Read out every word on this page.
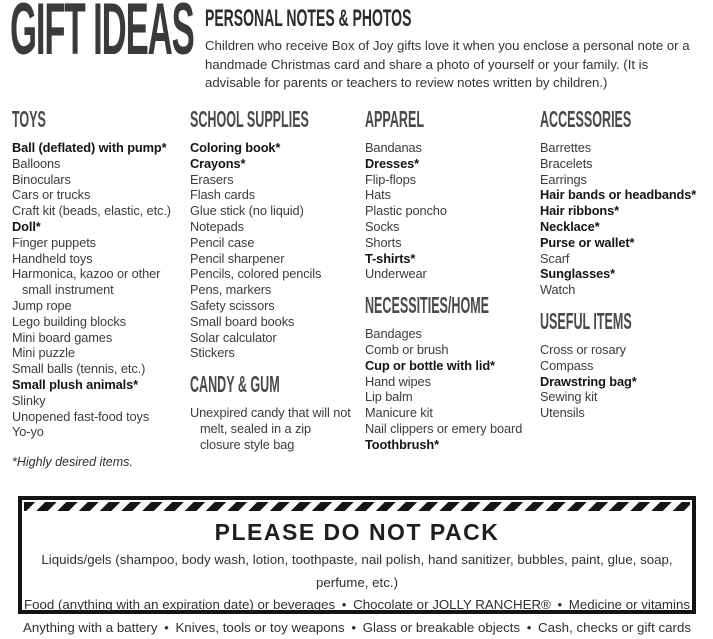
GIFT IDEAS PERSONAL NOTES & PHOTOS

Children who receive Box of Joy gifts love it when you enclose a personal note or a handmade Christmas card and share a photo of yourself or your family. (It is advisable for parents or teachers to review notes written by children.)

TOYS
Ball (deflated) with pump*
Balloons
Binoculars
Cars or trucks
Craft kit (beads, elastic, etc.)
Doll*
Finger puppets
Handheld toys
Harmonica, kazoo or other small instrument
Jump rope
Lego building blocks
Mini board games
Mini puzzle
Small balls (tennis, etc.)
Small plush animals*
Slinky
Unopened fast-food toys
Yo-yo
SCHOOL SUPPLIES
Coloring book*
Crayons*
Erasers
Flash cards
Glue stick (no liquid)
Notepads
Pencil case
Pencil sharpener
Pencils, colored pencils
Pens, markers
Safety scissors
Small board books
Solar calculator
Stickers
CANDY & GUM

Unexpired candy that will not melt, sealed in a zip closure style bag

APPAREL
Bandanas
Dresses*
Flip-flops
Hats
Plastic poncho
Socks
Shorts
T-shirts*
Underwear
NECESSITIES/HOME
Bandages
Comb or brush
Cup or bottle with lid*
Hand wipes
Lip balm
Manicure kit
Nail clippers or emery board
Toothbrush*
ACCESSORIES
Barrettes
Bracelets
Earrings
Hair bands or headbands*
Hair ribbons*
Necklace*
Purse or wallet*
Scarf
Sunglasses*
Watch
USEFUL ITEMS
Cross or rosary
Compass
Drawstring bag*
Sewing kit
Utensils

*Highly desired items.

PLEASE DO NOT PACK

Liquids/gels (shampoo, body wash, lotion, toothpaste, nail polish, hand sanitizer, bubbles, paint, glue, soap, perfume, etc.)

Food (anything with an expiration date) or beverages • Chocolate or JOLLY RANCHER® • Medicine or vitamins

Anything with a battery • Knives, tools or toy weapons • Glass or breakable objects • Cash, checks or gift cards
